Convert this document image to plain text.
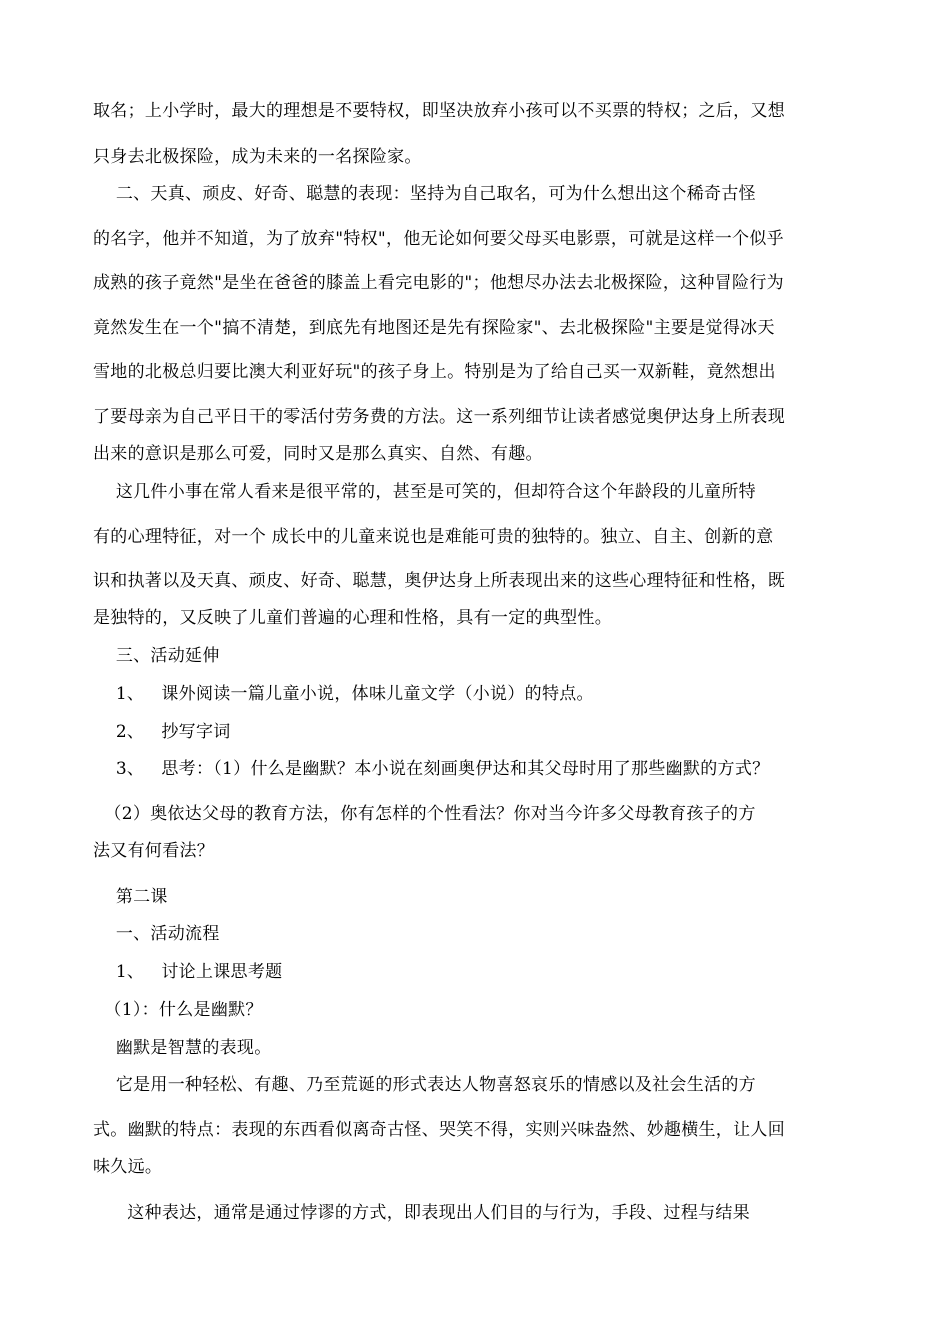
取名；上小学时，最大的理想是不要特权，即坚决放弃小孩可以不买票的特权；之后，又想
只身去北极探险，成为未来的一名探险家。
二、天真、顽皮、好奇、聪慧的表现：坚持为自己取名，可为什么想出这个稀奇古怪
的名字，他并不知道，为了放弃"特权"，他无论如何要父母买电影票，可就是这样一个似乎
成熟的孩子竟然"是坐在爸爸的膝盖上看完电影的"；他想尽办法去北极探险，这种冒险行为
竟然发生在一个"搞不清楚，到底先有地图还是先有探险家"、去北极探险"主要是觉得冰天
雪地的北极总归要比澳大利亚好玩"的孩子身上。特别是为了给自己买一双新鞋，竟然想出
了要母亲为自己平日干的零活付劳务费的方法。这一系列细节让读者感觉奥伊达身上所表现
出来的意识是那么可爱，同时又是那么真实、自然、有趣。
这几件小事在常人看来是很平常的，甚至是可笑的，但却符合这个年龄段的儿童所特
有的心理特征，对一个 成长中的儿童来说也是难能可贵的独特的。独立、自主、创新的意
识和执著以及天真、顽皮、好奇、聪慧，奥伊达身上所表现出来的这些心理特征和性格，既
是独特的，又反映了儿童们普遍的心理和性格，具有一定的典型性。
三、活动延伸
1、   课外阅读一篇儿童小说，体味儿童文学（小说）的特点。
2、   抄写字词
3、   思考：（1）什么是幽默？本小说在刻画奥伊达和其父母时用了那些幽默的方式？
（2）奥依达父母的教育方法，你有怎样的个性看法？你对当今许多父母教育孩子的方
法又有何看法？
第二课
一、活动流程
1、   讨论上课思考题
（1）：什么是幽默？
幽默是智慧的表现。
它是用一种轻松、有趣、乃至荒诞的形式表达人物喜怒哀乐的情感以及社会生活的方
式。幽默的特点：表现的东西看似离奇古怪、哭笑不得，实则兴味盎然、妙趣横生，让人回
味久远。
这种表达，通常是通过悖谬的方式，即表现出人们目的与行为，手段、过程与结果
